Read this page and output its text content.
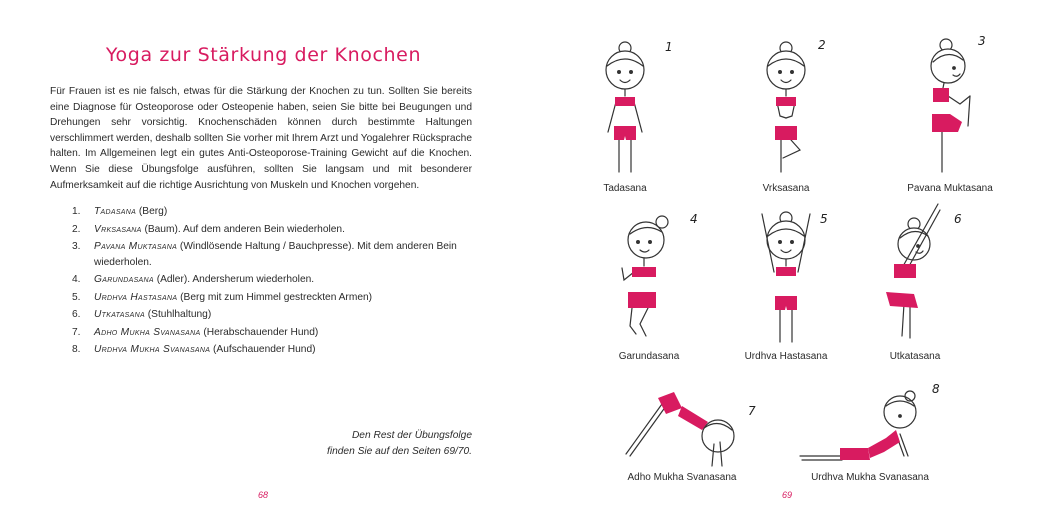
Yoga zur Stärkung der Knochen
Für Frauen ist es nie falsch, etwas für die Stärkung der Knochen zu tun. Sollten Sie bereits eine Diagnose für Osteoporose oder Osteopenie haben, seien Sie bitte bei Beugungen und Drehungen sehr vorsichtig. Knochenschäden können durch bestimmte Haltungen verschlimmert werden, deshalb sollten Sie vorher mit Ihrem Arzt und Yogalehrer Rücksprache halten. Im Allgemeinen legt ein gutes Anti-Osteoporose-Training Gewicht auf die Knochen. Wenn Sie diese Übungsfolge ausführen, sollten Sie langsam und mit besonderer Aufmerksamkeit auf die richtige Ausrichtung von Muskeln und Knochen vorgehen.
1. Tadasana (Berg)
2. Vrksasana (Baum). Auf dem anderen Bein wiederholen.
3. Pavana Muktasana (Windlösende Haltung / Bauchpresse). Mit dem anderen Bein wiederholen.
4. Garundasana (Adler). Andersherum wiederholen.
5. Urdhva Hastasana (Berg mit zum Himmel gestreckten Armen)
6. Utkatasana (Stuhlhaltung)
7. Adho Mukha Svanasana (Herabschauender Hund)
8. Urdhva Mukha Svanasana (Aufschauender Hund)
Den Rest der Übungsfolge
finden Sie auf den Seiten 69/70.
68
1
Tadasana
2
Vrksasana
3
Pavana Muktasana
4
Garundasana
5
Urdhva Hastasana
6
Utkatasana
7
Adho Mukha Svanasana
8
Urdhva Mukha Svanasana
69
